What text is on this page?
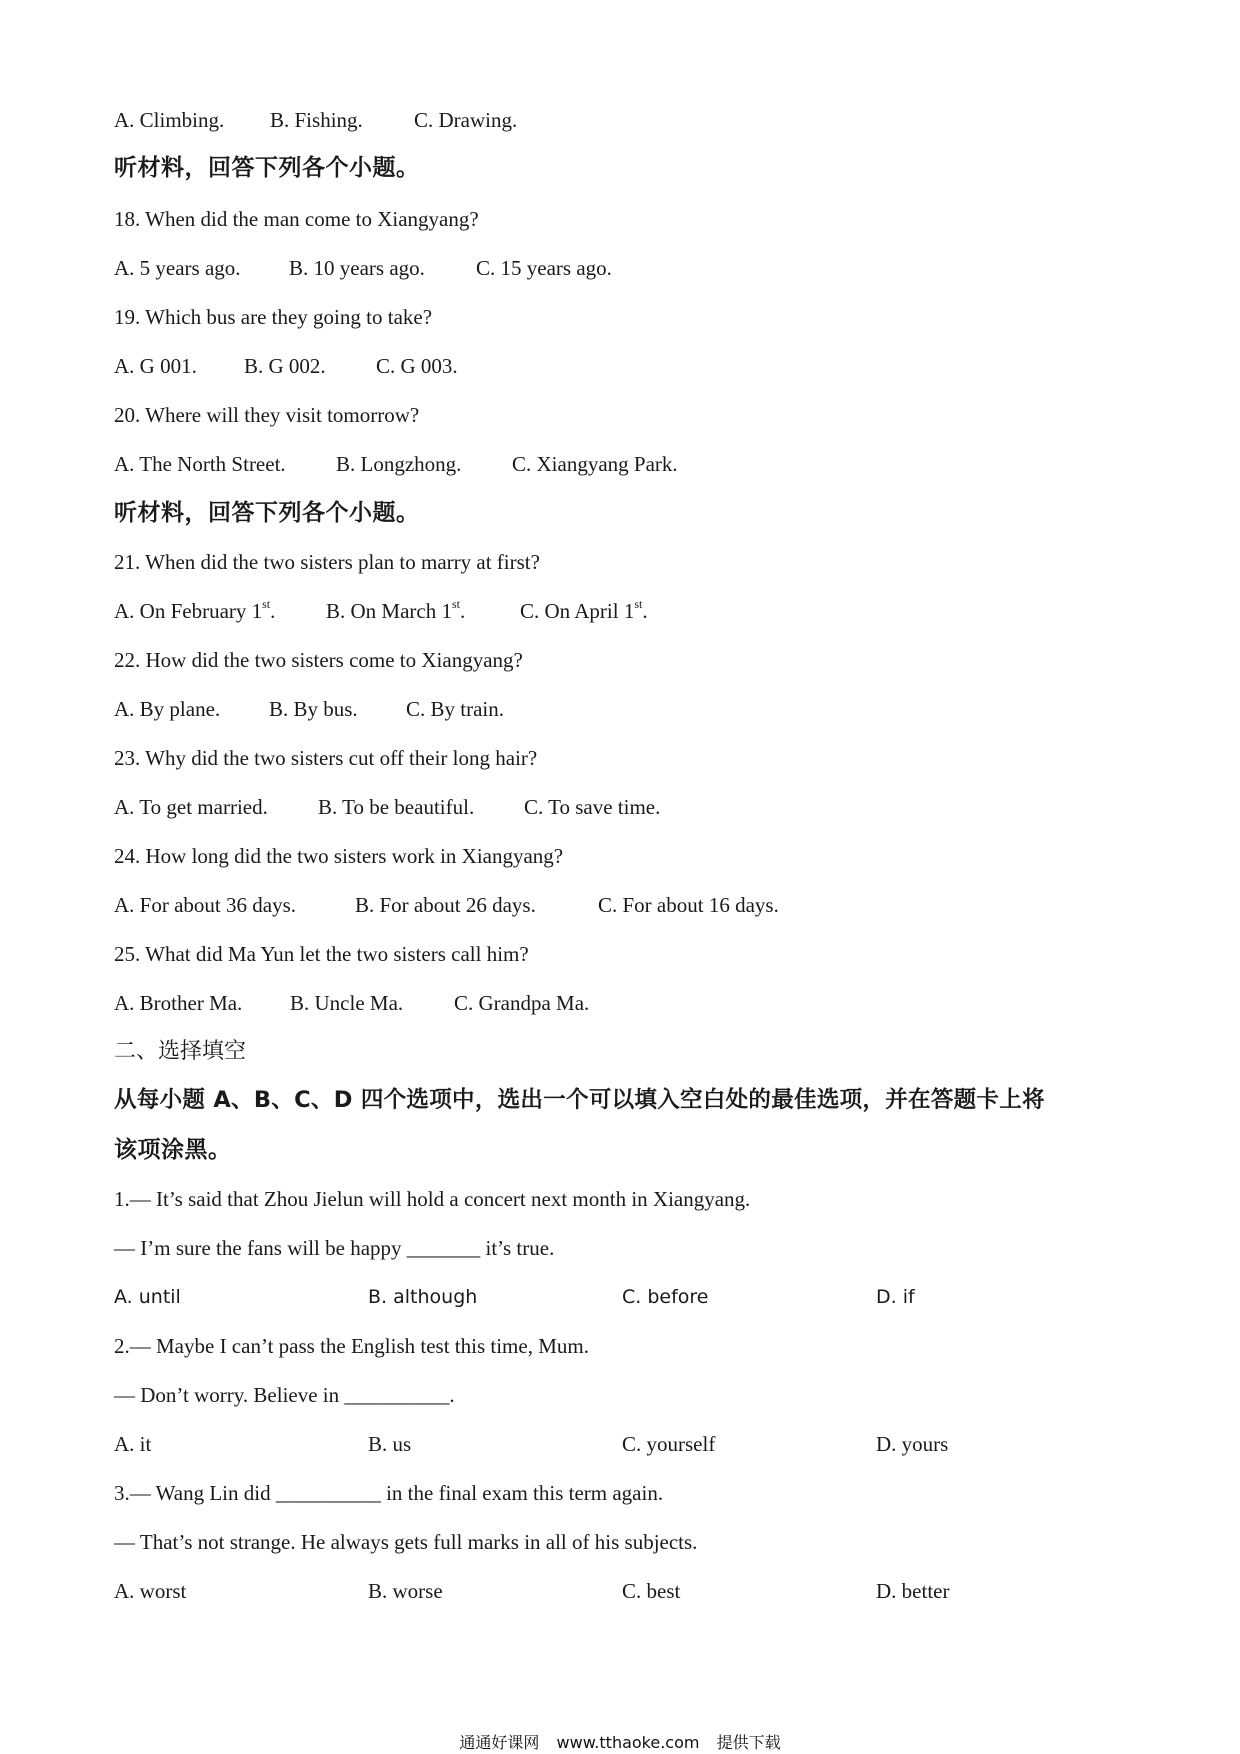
A. Climbing. B. Fishing. C. Drawing.
听材料，回答下列各个小题。
18. When did the man come to Xiangyang?
A. 5 years ago. B. 10 years ago. C. 15 years ago.
19. Which bus are they going to take?
A. G 001. B. G 002. C. G 003.
20. Where will they visit tomorrow?
A. The North Street. B. Longzhong. C. Xiangyang Park.
听材料，回答下列各个小题。
21. When did the two sisters plan to marry at first?
A. On February 1st. B. On March 1st.	C. On April 1st.
22. How did the two sisters come to Xiangyang?
A. By plane. B. By bus. C. By train.
23. Why did the two sisters cut off their long hair?
A. To get married. B. To be beautiful. C. To save time.
24. How long did the two sisters work in Xiangyang?
A. For about 36 days.	B. For about 26 days.	C. For about 16 days.
25. What did Ma Yun let the two sisters call him?
A. Brother Ma. B. Uncle Ma. C. Grandpa Ma.
二、选择填空
从每小题 A、B、C、D 四个选项中，选出一个可以填入空白处的最佳选项，并在答题卡上将
该项涂黑。
1.— It’s said that Zhou Jielun will hold a concert next month in Xiangyang.
— I’m sure the fans will be happy _______ it’s true.
A. until	B. although	C. before	D. if
2.— Maybe I can’t pass the English test this time, Mum.
— Don’t worry. Believe in __________.
A. it	B. us	C. yourself	D. yours
3.— Wang Lin did __________ in the final exam this term again.
— That’s not strange. He always gets full marks in all of his subjects.
A. worst	B. worse	C. best	D. better
通通好课网 www.tthaoke.com 提供下载
